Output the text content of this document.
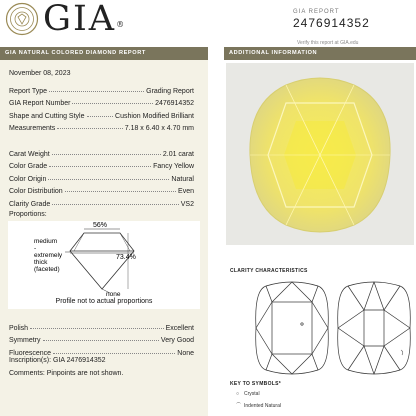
GIA®
GIA REPORT
2476914352
Verify this report at GIA.edu
GIA NATURAL COLORED DIAMOND REPORT
November 08, 2023
Report Type	Grading Report
GIA Report Number	2476914352
Shape and Cutting Style	Cushion Modified Brilliant
Measurements	7.18 x 6.40 x 4.70 mm
Carat Weight	2.01 carat
Color Grade	Fancy Yellow
Color Origin	Natural
Color Distribution	Even
Clarity Grade	VS2
Proportions:
56%
73.4%
medium
-
extremely
thick
(faceted)
none
Profile not to actual proportions
Polish	Excellent
Symmetry	Very Good
Fluorescence	None
Inscription(s): GIA 2476914352
Comments: Pinpoints are not shown.
ADDITIONAL INFORMATION
CLARITY CHARACTERISTICS
KEY TO SYMBOLS*
○ Crystal
⌒ Indented Natural
